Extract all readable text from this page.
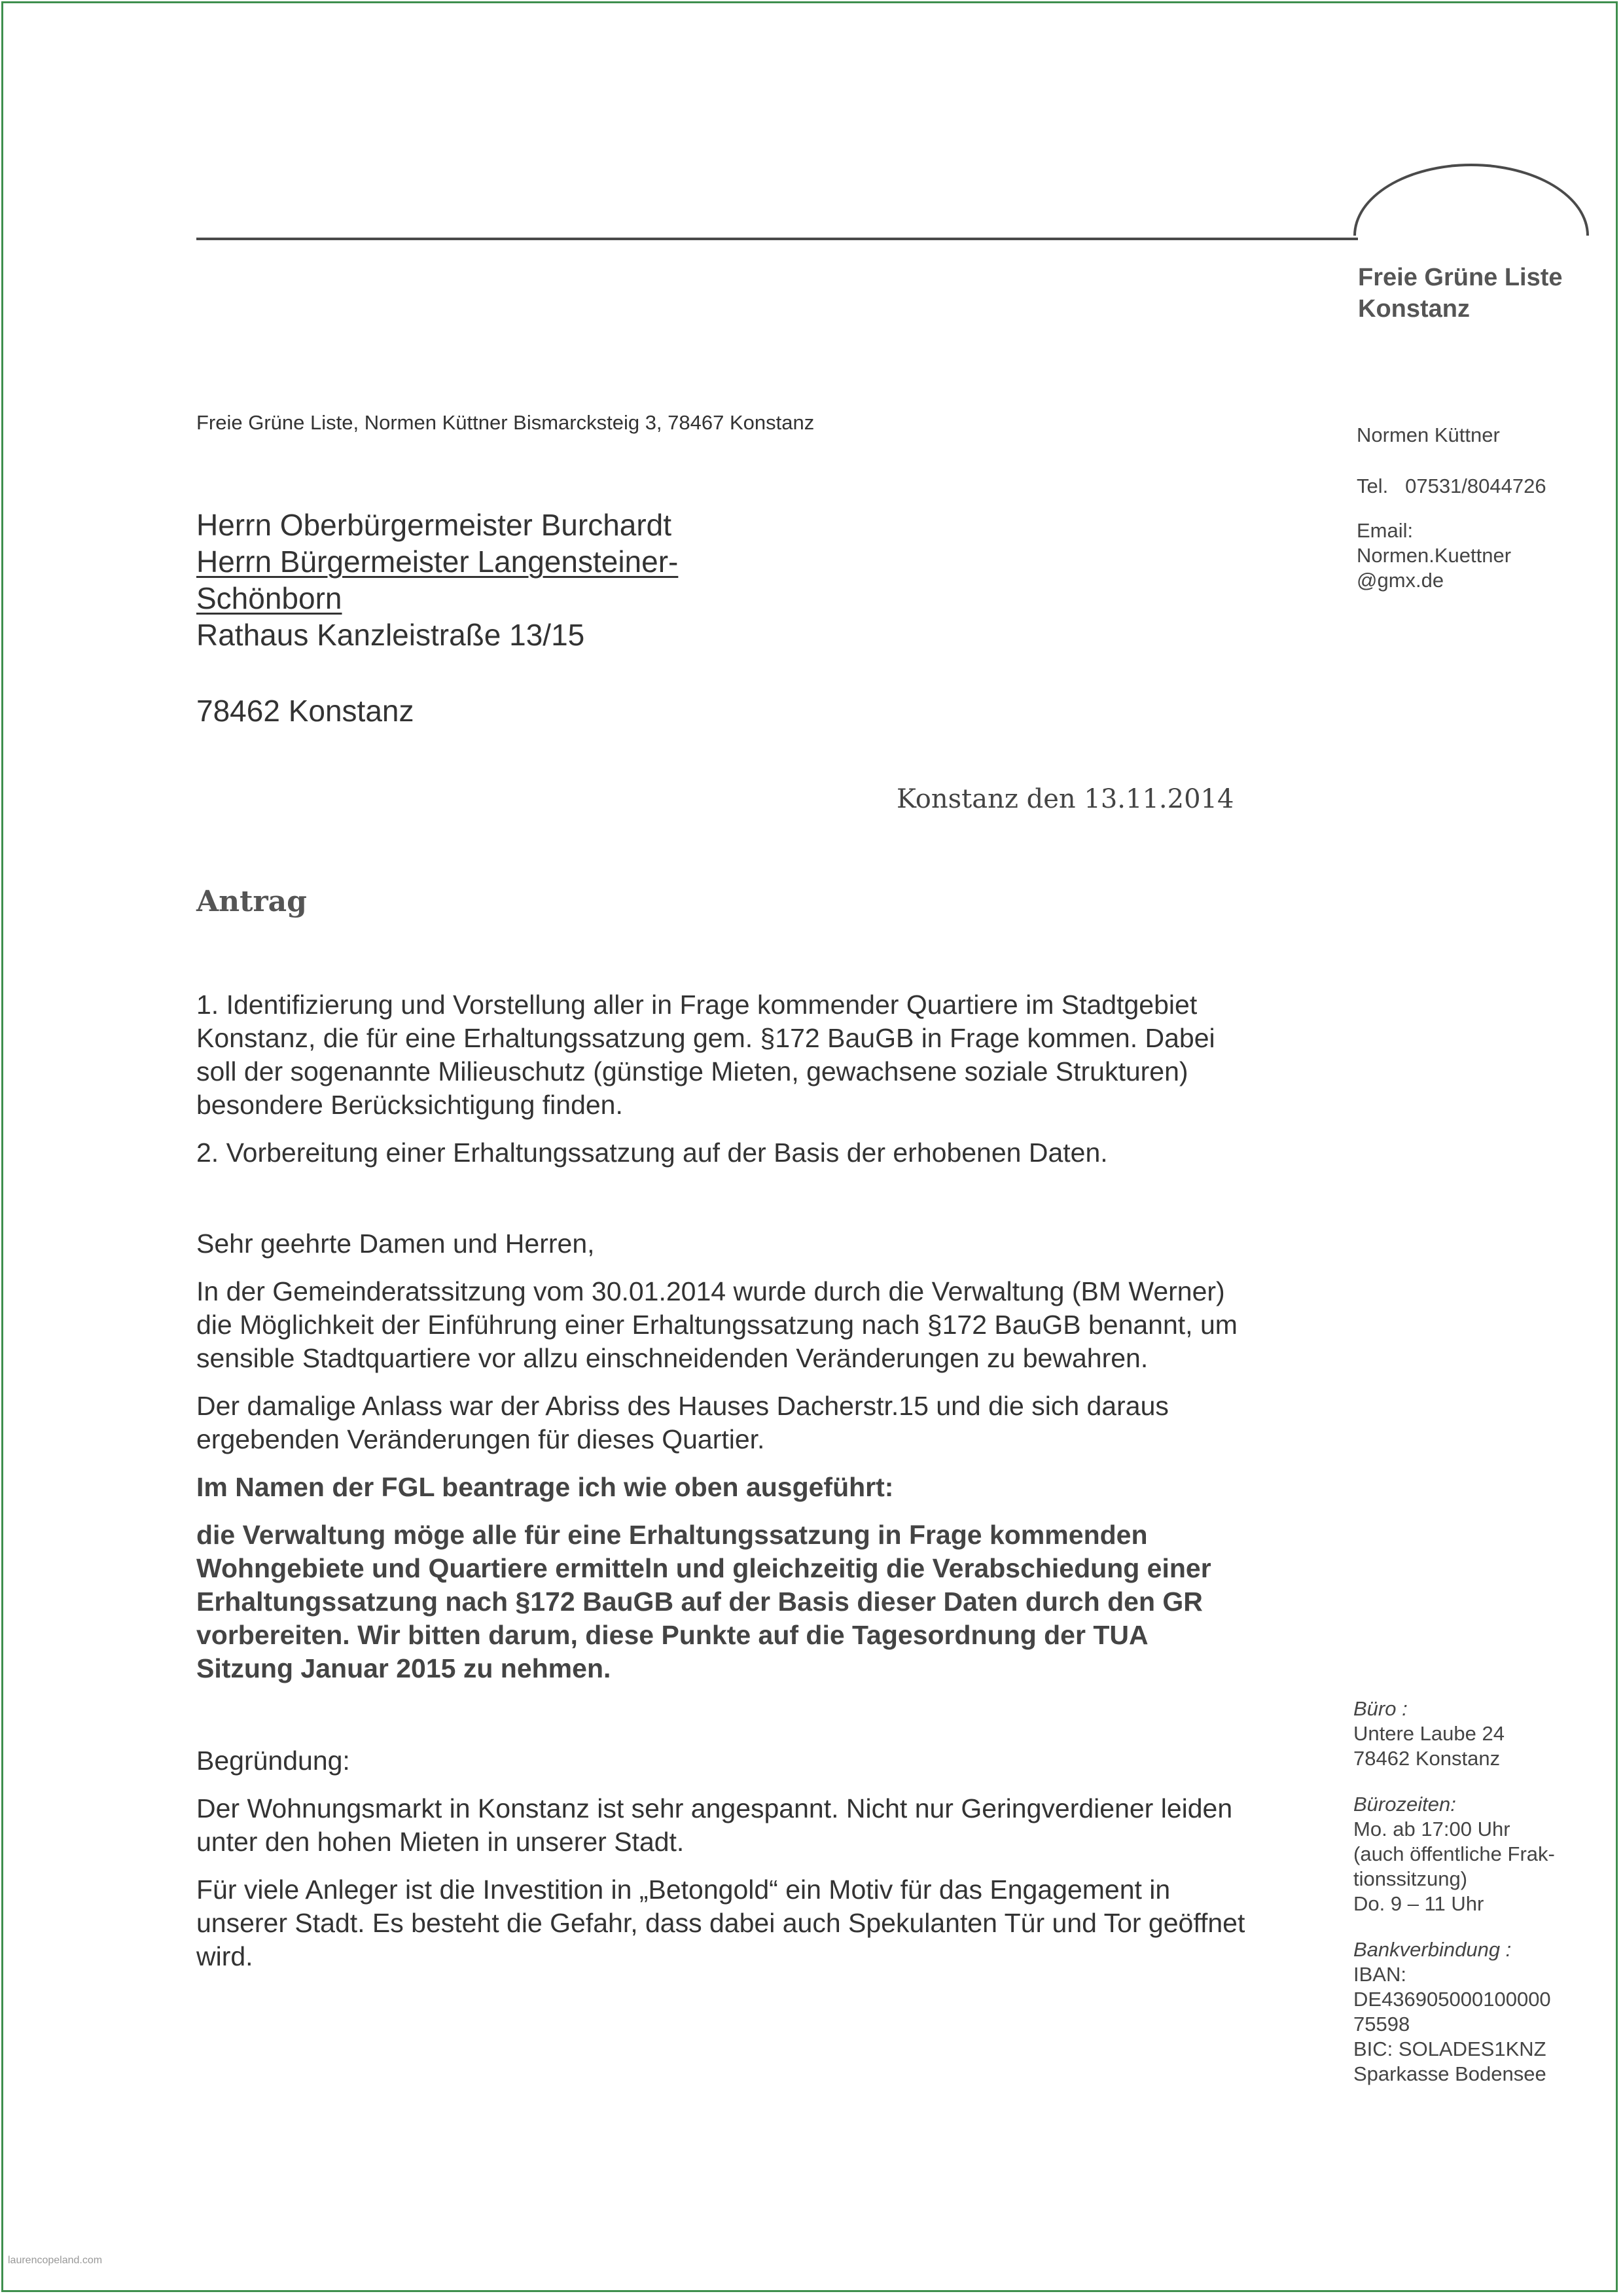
Freie Grüne Liste
Konstanz
Freie Grüne Liste, Normen Küttner Bismarcksteig 3, 78467 Konstanz
Normen Küttner
Tel. 07531/8044726
Email:
Normen.Kuettner
@gmx.de
Herrn Oberbürgermeister Burchardt
Herrn Bürgermeister Langensteiner-
Schönborn
Rathaus Kanzleistraße 13/15
78462 Konstanz
Konstanz den 13.11.2014
Antrag

1. Identifizierung und Vorstellung aller in Frage kommender Quartiere im Stadtgebiet Konstanz, die für eine Erhaltungssatzung gem. §172 BauGB in Frage kommen. Dabei soll der sogenannte Milieuschutz (günstige Mieten, gewachsene soziale Strukturen) besondere Berücksichtigung finden.

2. Vorbereitung einer Erhaltungssatzung auf der Basis der erhobenen Daten.

Sehr geehrte Damen und Herren,

In der Gemeinderatssitzung vom 30.01.2014 wurde durch die Verwaltung (BM Werner) die Möglichkeit der Einführung einer Erhaltungssatzung nach §172 BauGB benannt, um sensible Stadtquartiere vor allzu einschneidenden Veränderungen zu bewahren.

Der damalige Anlass war der Abriss des Hauses Dacherstr.15 und die sich daraus ergebenden Veränderungen für dieses Quartier.

Im Namen der FGL beantrage ich wie oben ausgeführt:

die Verwaltung möge alle für eine Erhaltungssatzung in Frage kommenden Wohngebiete und Quartiere ermitteln und gleichzeitig die Verabschiedung einer Erhaltungssatzung nach §172 BauGB auf der Basis dieser Daten durch den GR vorbereiten. Wir bitten darum, diese Punkte auf die Tagesordnung der TUA Sitzung Januar 2015 zu nehmen.

Begründung:

Der Wohnungsmarkt in Konstanz ist sehr angespannt. Nicht nur Geringverdiener leiden unter den hohen Mieten in unserer Stadt.

Für viele Anleger ist die Investition in „Betongold“ ein Motiv für das Engagement in unserer Stadt. Es besteht die Gefahr, dass dabei auch Spekulanten Tür und Tor geöffnet wird.

Büro :
Untere Laube 24
78462 Konstanz
Bürozeiten:
Mo. ab 17:00 Uhr
(auch öffentliche Frak-
tionssitzung)
Do. 9 – 11 Uhr
Bankverbindung :
IBAN:
DE436905000100000
75598
BIC: SOLADES1KNZ
Sparkasse Bodensee
laurencopeland.com
